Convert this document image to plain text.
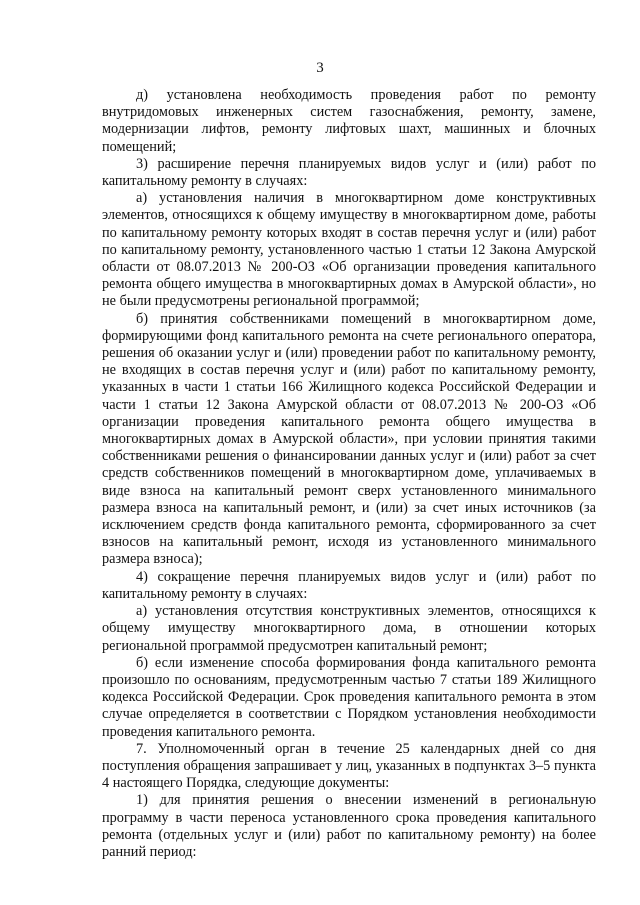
3

д) установлена необходимость проведения работ по ремонту внутридомовых инженерных систем газоснабжения, ремонту, замене, модернизации лифтов, ремонту лифтовых шахт, машинных и блочных помещений;

3) расширение перечня планируемых видов услуг и (или) работ по капитальному ремонту в случаях:

а) установления наличия в многоквартирном доме конструктивных элементов, относящихся к общему имуществу в многоквартирном доме, работы по капитальному ремонту которых входят в состав перечня услуг и (или) работ по капитальному ремонту, установленного частью 1 статьи 12 Закона Амурской области от 08.07.2013 № 200-ОЗ «Об организации проведения капитального ремонта общего имущества в многоквартирных домах в Амурской области», но не были предусмотрены региональной программой;

б) принятия собственниками помещений в многоквартирном доме, формирующими фонд капитального ремонта на счете регионального оператора, решения об оказании услуг и (или) проведении работ по капитальному ремонту, не входящих в состав перечня услуг и (или) работ по капитальному ремонту, указанных в части 1 статьи 166 Жилищного кодекса Российской Федерации и части 1 статьи 12 Закона Амурской области от 08.07.2013 № 200-ОЗ «Об организации проведения капитального ремонта общего имущества в многоквартирных домах в Амурской области», при условии принятия такими собственниками решения о финансировании данных услуг и (или) работ за счет средств собственников помещений в многоквартирном доме, уплачиваемых в виде взноса на капитальный ремонт сверх установленного минимального размера взноса на капитальный ремонт, и (или) за счет иных источников (за исключением средств фонда капитального ремонта, сформированного за счет взносов на капитальный ремонт, исходя из установленного минимального размера взноса);

4) сокращение перечня планируемых видов услуг и (или) работ по капитальному ремонту в случаях:

а) установления отсутствия конструктивных элементов, относящихся к общему имуществу многоквартирного дома, в отношении которых региональной программой предусмотрен капитальный ремонт;

б) если изменение способа формирования фонда капитального ремонта произошло по основаниям, предусмотренным частью 7 статьи 189 Жилищного кодекса Российской Федерации. Срок проведения капитального ремонта в этом случае определяется в соответствии с Порядком установления необходимости проведения капитального ремонта.

7. Уполномоченный орган в течение 25 календарных дней со дня поступления обращения запрашивает у лиц, указанных в подпунктах 3–5 пункта 4 настоящего Порядка, следующие документы:

1) для принятия решения о внесении изменений в региональную программу в части переноса установленного срока проведения капитального ремонта (отдельных услуг и (или) работ по капитальному ремонту) на более ранний период:
